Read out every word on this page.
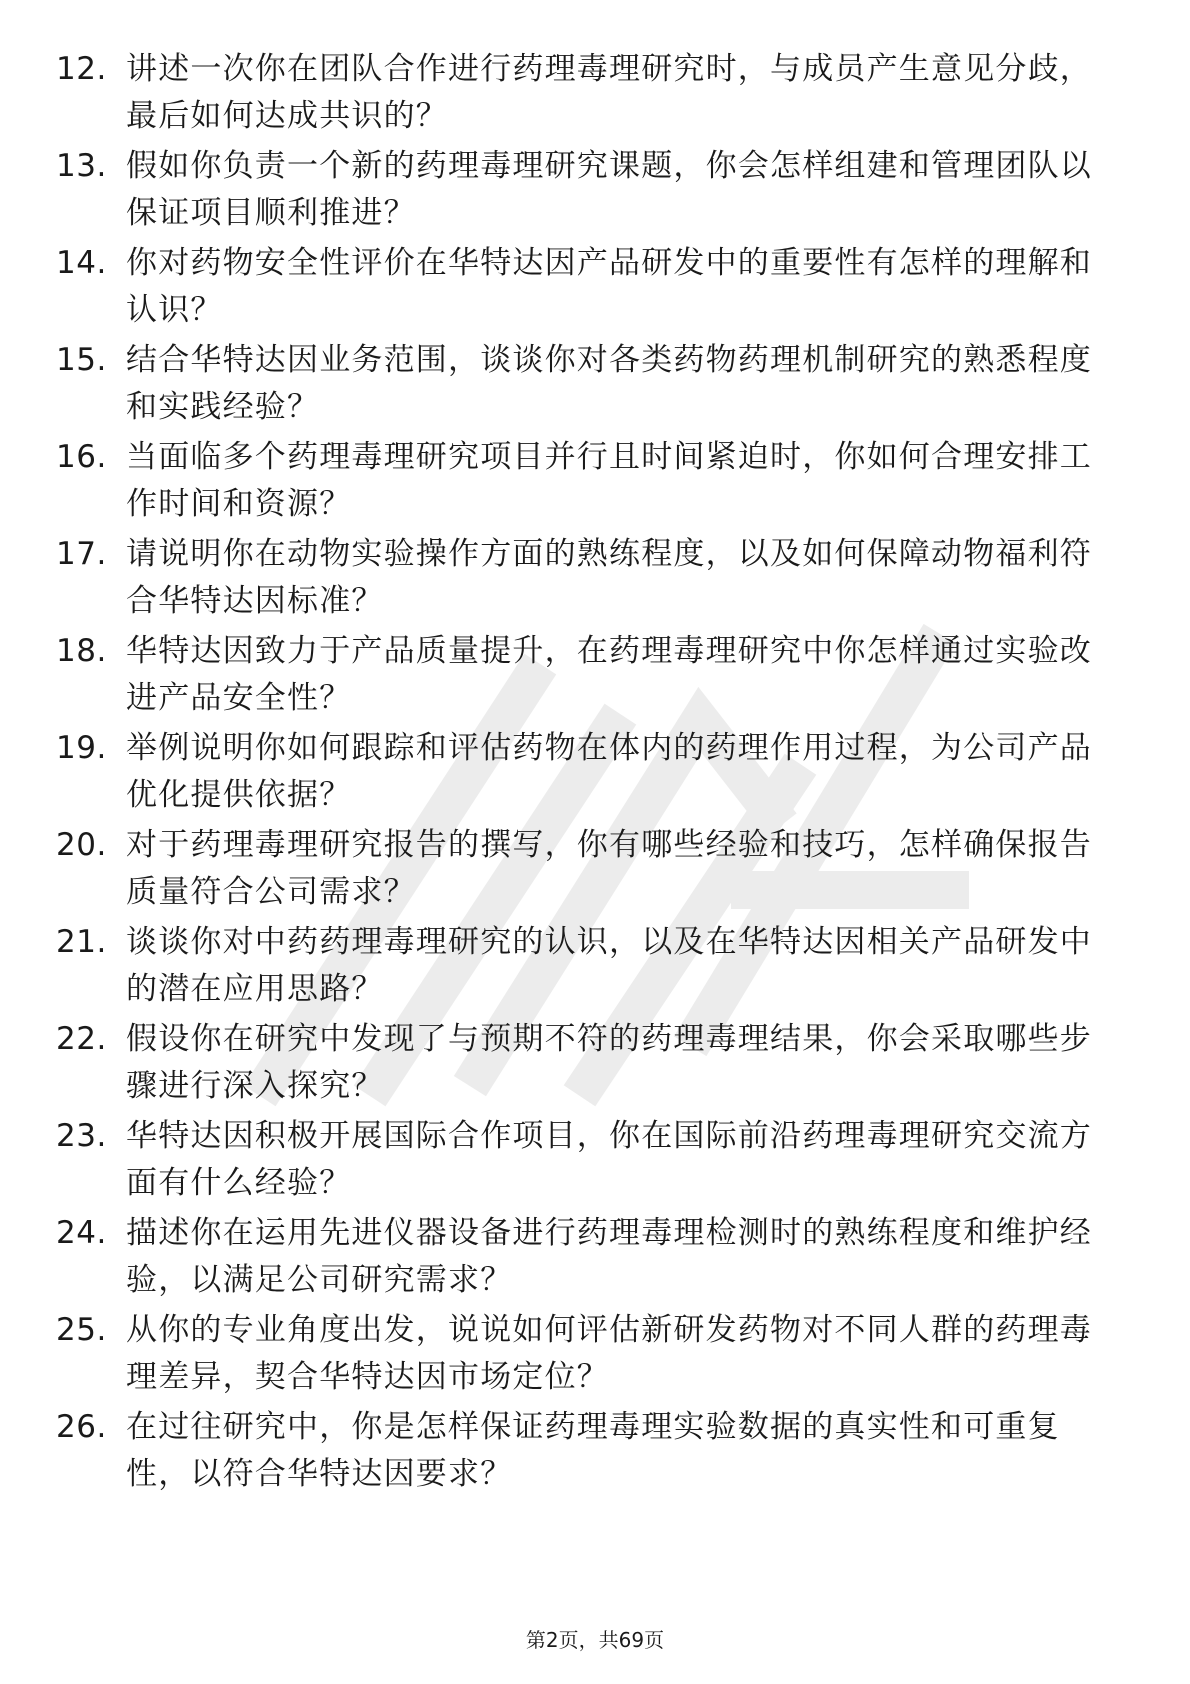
12. 讲述一次你在团队合作进行药理毒理研究时，与成员产生意见分歧，最后如何达成共识的？
13. 假如你负责一个新的药理毒理研究课题，你会怎样组建和管理团队以保证项目顺利推进？
14. 你对药物安全性评价在华特达因产品研发中的重要性有怎样的理解和认识？
15. 结合华特达因业务范围，谈谈你对各类药物药理机制研究的熟悉程度和实践经验？
16. 当面临多个药理毒理研究项目并行且时间紧迫时，你如何合理安排工作时间和资源？
17. 请说明你在动物实验操作方面的熟练程度，以及如何保障动物福利符合华特达因标准？
18. 华特达因致力于产品质量提升，在药理毒理研究中你怎样通过实验改进产品安全性？
19. 举例说明你如何跟踪和评估药物在体内的药理作用过程，为公司产品优化提供依据？
20. 对于药理毒理研究报告的撰写，你有哪些经验和技巧，怎样确保报告质量符合公司需求？
21. 谈谈你对中药药理毒理研究的认识，以及在华特达因相关产品研发中的潜在应用思路？
22. 假设你在研究中发现了与预期不符的药理毒理结果，你会采取哪些步骤进行深入探究？
23. 华特达因积极开展国际合作项目，你在国际前沿药理毒理研究交流方面有什么经验？
24. 描述你在运用先进仪器设备进行药理毒理检测时的熟练程度和维护经验，以满足公司研究需求？
25. 从你的专业角度出发，说说如何评估新研发药物对不同人群的药理毒理差异，契合华特达因市场定位？
26. 在过往研究中，你是怎样保证药理毒理实验数据的真实性和可重复性，以符合华特达因要求？
第2页，共69页
